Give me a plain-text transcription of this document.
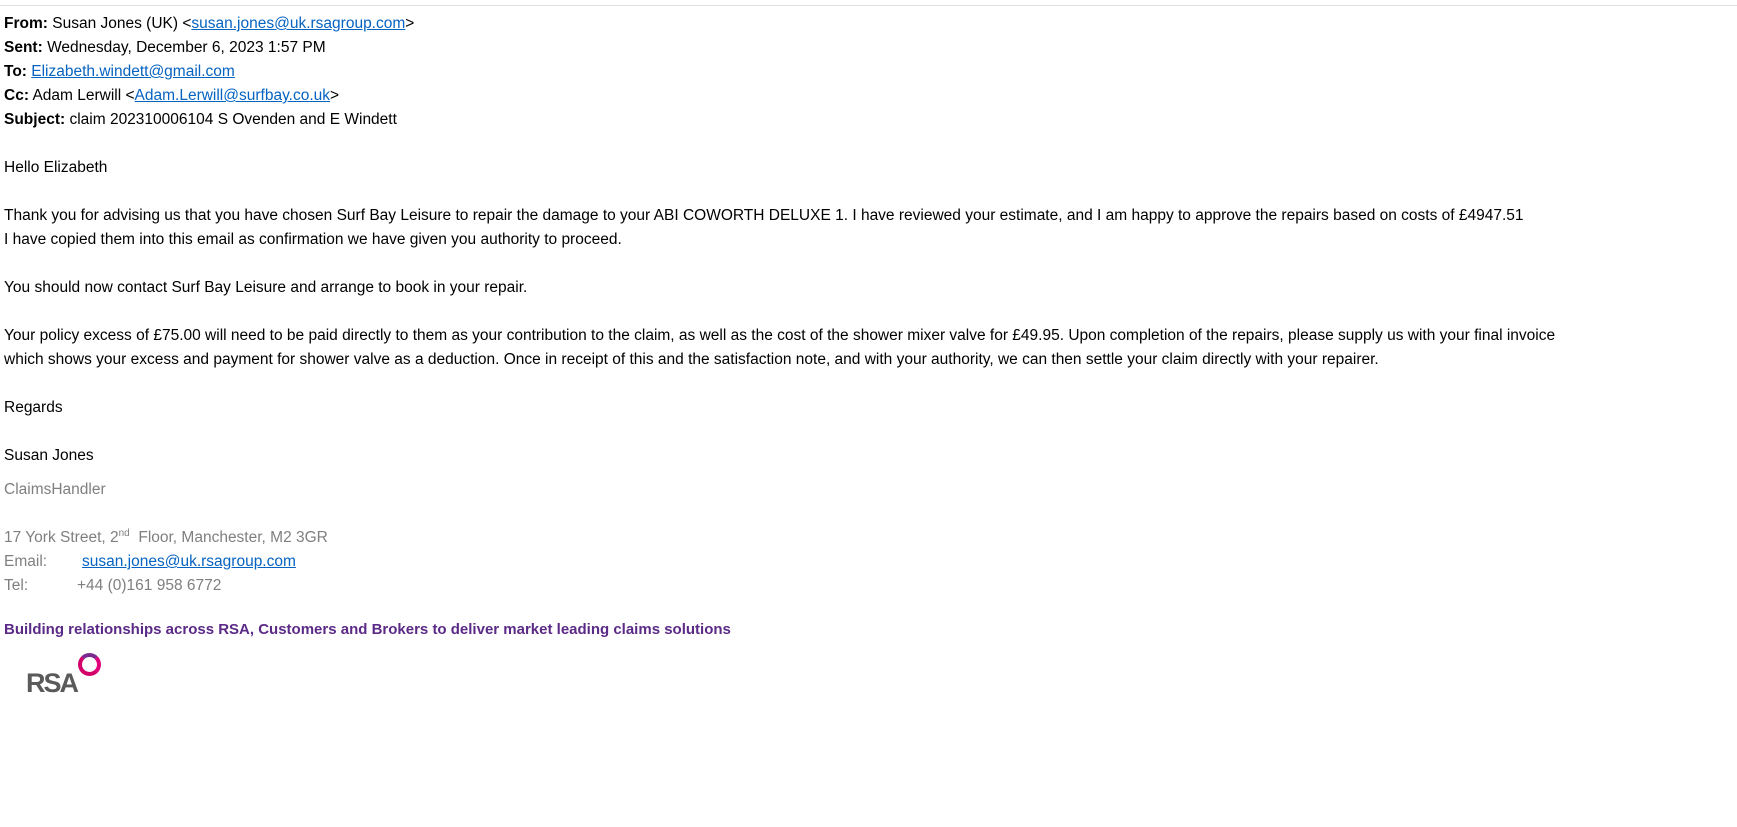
From: Susan Jones (UK) <susan.jones@uk.rsagroup.com>
Sent: Wednesday, December 6, 2023 1:57 PM
To: Elizabeth.windett@gmail.com
Cc: Adam Lerwill <Adam.Lerwill@surfbay.co.uk>
Subject: claim 202310006104 S Ovenden and E Windett
Hello Elizabeth
Thank you for advising us that you have chosen Surf Bay Leisure to repair the damage to your ABI COWORTH DELUXE 1. I have reviewed your estimate, and I am happy to approve the repairs based on costs of £4947.51
I have copied them into this email as confirmation we have given you authority to proceed.
You should now contact Surf Bay Leisure and arrange to book in your repair.
Your policy excess of £75.00 will need to be paid directly to them as your contribution to the claim, as well as the cost of the shower mixer valve for £49.95. Upon completion of the repairs, please supply us with your final invoice
which shows your excess and payment for shower valve as a deduction. Once in receipt of this and the satisfaction note, and with your authority, we can then settle your claim directly with your repairer.
Regards
Susan Jones
ClaimsHandler
17 York Street, 2nd  Floor, Manchester, M2 3GR
Email: susan.jones@uk.rsagroup.com
Tel:	+44 (0)161 958 6772
Building relationships across RSA, Customers and Brokers to deliver market leading claims solutions
RSA
